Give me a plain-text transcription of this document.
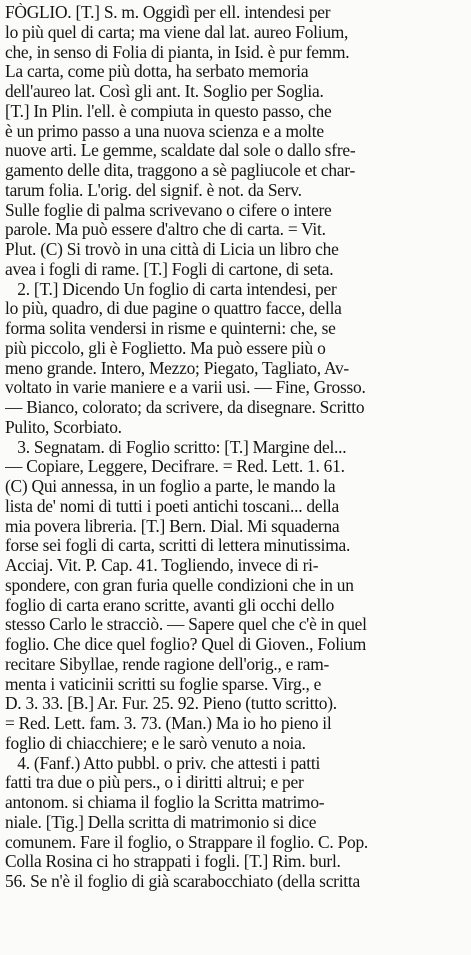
FÒGLIO. [T.] S. m. Oggidì per ell. intendesi per
lo più quel di carta; ma viene dal lat. aureo Folium,
che, in senso di Folia di pianta, in Isid. è pur femm.
La carta, come più dotta, ha serbato memoria
dell'aureo lat. Così gli ant. It. Soglio per Soglia.
[T.] In Plin. l'ell. è compiuta in questo passo, che
è un primo passo a una nuova scienza e a molte
nuove arti. Le gemme, scaldate dal sole o dallo sfre-
gamento delle dita, traggono a sè pagliucole et char-
tarum folia. L'orig. del signif. è not. da Serv.
Sulle foglie di palma scrivevano o cifere o intere
parole. Ma può essere d'altro che di carta. = Vit.
Plut. (C) Si trovò in una città di Licia un libro che
avea i fogli di rame. [T.] Fogli di cartone, di seta.
2. [T.] Dicendo Un foglio di carta intendesi, per
lo più, quadro, di due pagine o quattro facce, della
forma solita vendersi in risme e quinterni: che, se
più piccolo, gli è Foglietto. Ma può essere più o
meno grande. Intero, Mezzo; Piegato, Tagliato, Av-
voltato in varie maniere e a varii usi. — Fine, Grosso.
— Bianco, colorato; da scrivere, da disegnare. Scritto
Pulito, Scorbiato.
3. Segnatam. di Foglio scritto: [T.] Margine del...
— Copiare, Leggere, Decifrare. = Red. Lett. 1. 61.
(C) Qui annessa, in un foglio a parte, le mando la
lista de' nomi di tutti i poeti antichi toscani... della
mia povera libreria. [T.] Bern. Dial. Mi squaderna
forse sei fogli di carta, scritti di lettera minutissima.
Acciaj. Vit. P. Cap. 41. Togliendo, invece di ri-
spondere, con gran furia quelle condizioni che in un
foglio di carta erano scritte, avanti gli occhi dello
stesso Carlo le stracciò. — Sapere quel che c'è in quel
foglio. Che dice quel foglio? Quel di Gioven., Folium
recitare Sibyllae, rende ragione dell'orig., e ram-
menta i vaticinii scritti su foglie sparse. Virg., e
D. 3. 33. [B.] Ar. Fur. 25. 92. Pieno (tutto scritto).
= Red. Lett. fam. 3. 73. (Man.) Ma io ho pieno il
foglio di chiacchiere; e le sarò venuto a noia.
4. (Fanf.) Atto pubbl. o priv. che attesti i patti
fatti tra due o più pers., o i diritti altrui; e per
antonom. si chiama il foglio la Scritta matrimo-
niale. [Tig.] Della scritta di matrimonio si dice
comunem. Fare il foglio, o Strappare il foglio. C. Pop.
Colla Rosina ci ho strappati i fogli. [T.] Rim. burl.
56. Se n'è il foglio di già scarabocchiato (della scritta
